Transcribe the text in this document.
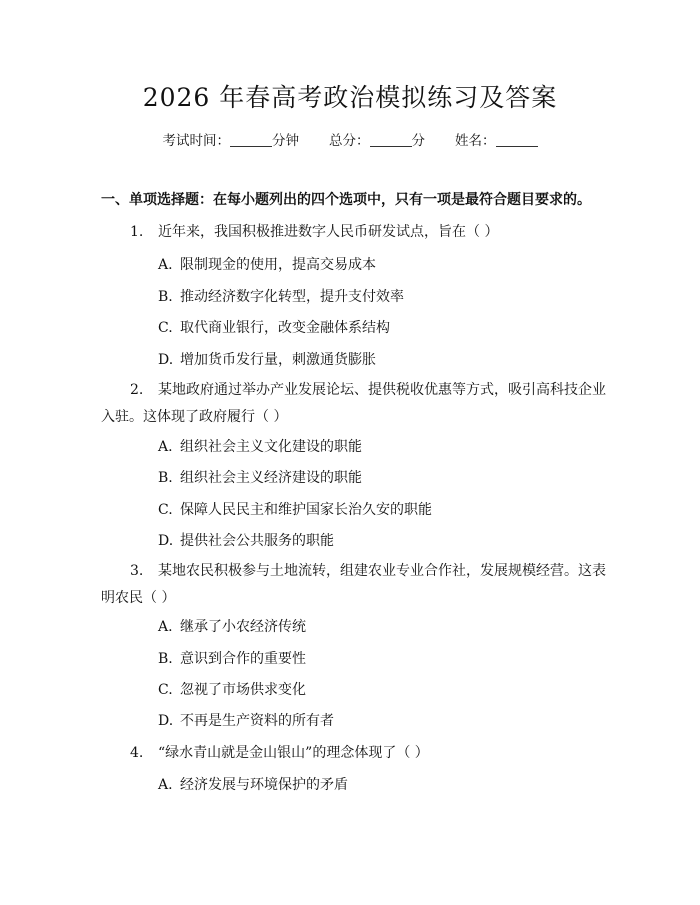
2026 年春高考政治模拟练习及答案
考试时间：	分钟 总分：	分 姓名：
一、单项选择题：在每小题列出的四个选项中，只有一项是最符合题目要求的。
1. 近年来，我国积极推进数字人民币研发试点，旨在（ ）
A. 限制现金的使用，提高交易成本
B. 推动经济数字化转型，提升支付效率
C. 取代商业银行，改变金融体系结构
D. 增加货币发行量，刺激通货膨胀
2. 某地政府通过举办产业发展论坛、提供税收优惠等方式，吸引高科技企业入驻。这体现了政府履行（ ）
A. 组织社会主义文化建设的职能
B. 组织社会主义经济建设的职能
C. 保障人民民主和维护国家长治久安的职能
D. 提供社会公共服务的职能
3. 某地农民积极参与土地流转，组建农业专业合作社，发展规模经营。这表明农民（ ）
A. 继承了小农经济传统
B. 意识到合作的重要性
C. 忽视了市场供求变化
D. 不再是生产资料的所有者
4. “绿水青山就是金山银山”的理念体现了（ ）
A. 经济发展与环境保护的矛盾
